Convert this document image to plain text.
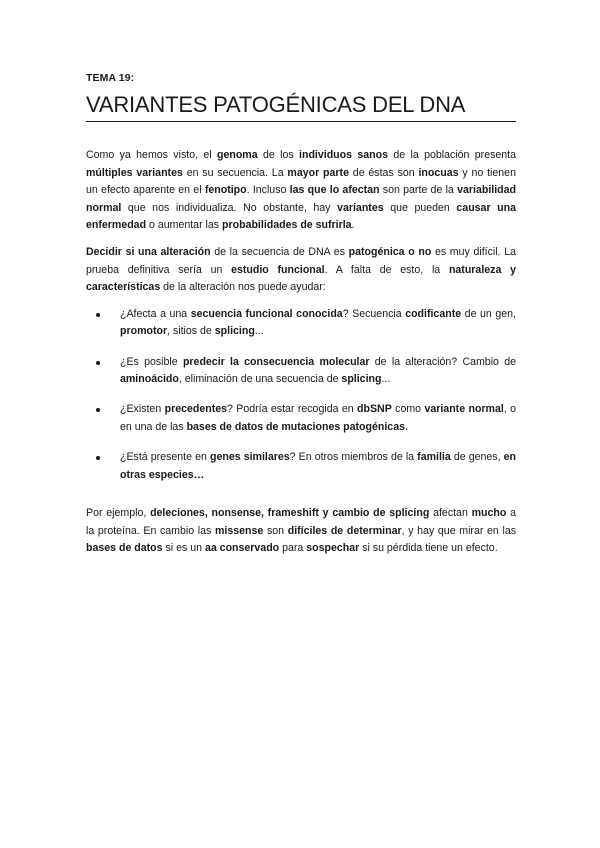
TEMA 19:
VARIANTES PATOGÉNICAS DEL DNA

Como ya hemos visto, el genoma de los individuos sanos de la población presenta múltiples variantes en su secuencia. La mayor parte de éstas son inocuas y no tienen un efecto aparente en el fenotipo. Incluso las que lo afectan son parte de la variabilidad normal que nos individualiza. No obstante, hay variantes que pueden causar una enfermedad o aumentar las probabilidades de sufrirla.

Decidir si una alteración de la secuencia de DNA es patogénica o no es muy difícil. La prueba definitiva sería un estudio funcional. A falta de esto, la naturaleza y características de la alteración nos puede ayudar:

¿Afecta a una secuencia funcional conocida? Secuencia codificante de un gen, promotor, sitios de splicing...
¿Es posible predecir la consecuencia molecular de la alteración? Cambio de aminoácido, eliminación de una secuencia de splicing...
¿Existen precedentes? Podría estar recogida en dbSNP como variante normal, o en una de las bases de datos de mutaciones patogénicas.
¿Está presente en genes similares? En otros miembros de la familia de genes, en otras especies…

Por ejemplo, deleciones, nonsense, frameshift y cambio de splicing afectan mucho a la proteína. En cambio las missense son difíciles de determinar, y hay que mirar en las bases de datos si es un aa conservado para sospechar si su pérdida tiene un efecto.
